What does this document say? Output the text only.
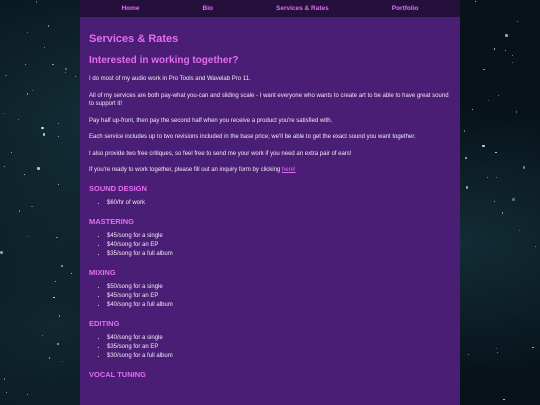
Home	Bio	Services & Rates	Portfolio
Services & Rates
Interested in working together?

I do most of my audio work in Pro Tools and Wavelab Pro 11.

All of my services are both pay-what you-can and sliding scale - I want everyone who wants to create art to be able to have great sound to support it!

Pay half up-front, then pay the second half when you receive a product you're satisfied with.

Each service includes up to two revisions included in the base price; we'll be able to get the exact sound you want together.

I also provide two free critiques, so feel free to send me your work if you need an extra pair of ears!

If you're ready to work together, please fill out an inquiry form by clicking here!

SOUND DESIGN
• $60/hr of work
MASTERING
• $45/song for a single
• $40/song for an EP
• $35/song for a full album
MIXING
• $50/song for a single
• $45/song for an EP
• $40/song for a full album
EDITING
• $40/song for a single
• $35/song for an EP
• $30/song for a full album
VOCAL TUNING
